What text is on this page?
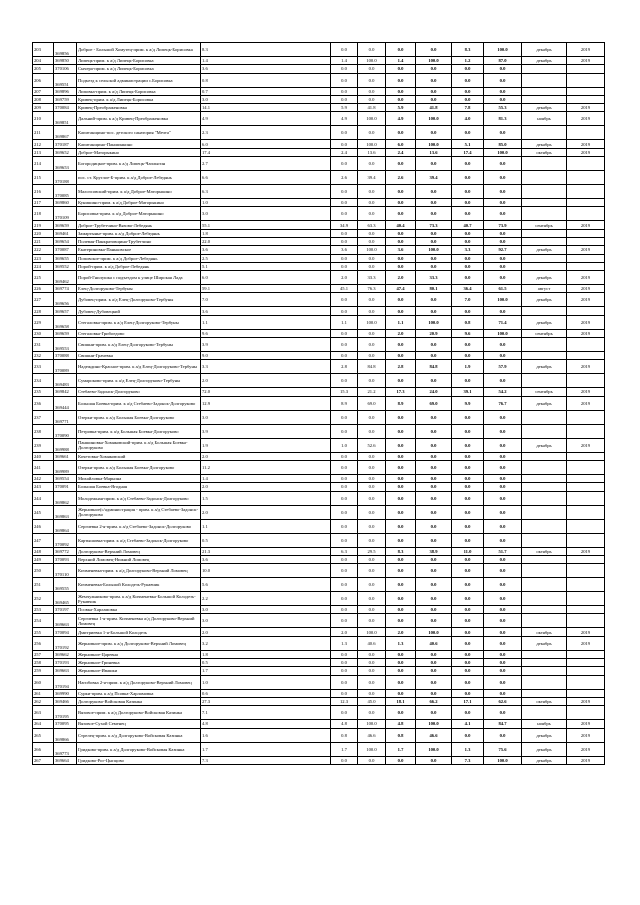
203	369856	Доброе - Большой Хомутец-прим. к а/д Липецк-Борисовка	8.3	0.0	0.0	0.0	0.0	8.3	100.0	декабрь	2019
204	369850	Липецк-прим. к а/д Липецк-Борисовка	1.4	1.4	100.0	1.4	100.0	1.2	87.0	декабрь	2019
205	370106	Сычера-прим. к а/д Липецк-Борисовка	3.6	0.0	0.0	0.0	0.0	0.0	0.0		
206	369551	Подъезд к сельской администрации с.Борисовка	0.8	0.0	0.0	0.0	0.0	0.0	0.0		
207	369896	Липовка-прим. к а/д Липецк-Борисовка	0.7	0.0	0.0	0.0	0.0	0.0	0.0		
208	369759	Кривец-прим. к а/д Липецк-Борисовка	3.0	0.0	0.0	0.0	0.0	0.0	0.0		
209	370084	Кривец-Преображеновка	14.1	5.9	41.8	5.9	41.8	7.8	55.3	декабрь	2019
210	369851	Дальний-прим. к а/д Кривец-Преображеновка	4.9	4.9	100.0	4.9	100.0	4.0	81.3	ноябрь	2019
211	369867	Капитанщино-пос. детского санатория "Мечта"	2.3	0.0	0.0	0.0	0.0	0.0	0.0		
212	370187	Капитанщино-Паншинкино	6.0	0.0	100.0	6.0	100.0	5.1	85.0	декабрь	2019
213	369652	Доброе-Маторыкино	17.4	2.4	13.6	2.4	13.6	17.4	100.0	октябрь	2019
214	369653	Богородицкое-прим. к а/д Липецк-Чаплыгин	2.7	0.0	0.0	0.0	0.0	0.0	0.0		
215	370188	пос. ст. Круглое-Б-прим. к а/д Доброе-Лебедянь	6.6	2.6	39.4	2.6	39.4	0.0	0.0		
216	370085	Малоэсовский-прим. к а/д Доброе-Маторыкино	6.3	0.0	0.0	0.0	0.0	0.0	0.0		
217	369860	Кунишино-прим. к а/д Доброе-Маторыкино	1.0	0.0	0.0	0.0	0.0	0.0	0.0		
218	370109	Борисовка-прим. к а/д Доброе-Маторыкино	3.0	0.0	0.0	0.0	0.0	0.0	0.0		
219	369659	Доброе-Трубетчино-Вязово-Лебедянь	55.1	34.9	63.3	40.4	73.3	40.7	73.9	сентябрь	2019
220	369461	Замартынье-прим. к а/д Доброе-Лебедянь	1.8	0.0	0.0	0.0	0.0	0.0	0.0		
221	369654	Полевая-Панкратовщина-Трубетчино	22.0	0.0	0.0	0.0	0.0	0.0	0.0		
222	370087	Екатериновка-Паньковское	3.6	3.6	100.0	3.6	100.0	3.3	92.7	декабрь	2019
223	369655	Поповское-прим. к а/д Доброе-Лебедянь	2.5	0.0	0.0	0.0	0.0	0.0	0.0		
224	369552	Порой-прим. к а/д Доброе-Лебедянь	5.1	0.0	0.0	0.0	0.0	0.0	0.0		
225	369462	Порой-Гнилушка с подъездом к улице Широкая Лада	6.0	2.0	33.3	2.0	33.3	0.0	0.0	декабрь	2019
226	369774	Елец-Долгоруково-Тербуны	59.1	45.1	76.3	47.4	80.1	36.4	61.5	август	2019
227	369656	Дубовец-прим. к а/д Елец-Долгоруково-Тербуны	7.0	0.0	0.0	0.0	0.0	7.0	100.0	декабрь	2019
228	369657	Дубовец-Дубовецкий	3.6	0.0	0.0	0.0	0.0	0.0	0.0		
229	369658	Стегаловка-прим. к а/д Елец-Долгоруково-Тербуны	1.1	1.1	100.0	1.1	100.0	0.8	71.4	декабрь	2019
230	369659	Стегаловка-Грибоедово	9.6	0.0	0.0	2.0	20.9	9.6	100.0	сентябрь	2019
231	369553	Свишни-прим. к а/д Елец-Долгоруково-Тербуны	3.9	0.0	0.0	0.0	0.0	0.0	0.0		
232	370088	Свишни-Грачевка	9.0	0.0	0.0	0.0	0.0	0.0	0.0		
233	370089	Надеждино-Красное-прим. к а/д Елец-Долгоруково-Тербуны	3.3	2.8	84.8	2.8	84.8	1.9	57.9	декабрь	2019
234	369483	Сумароково-прим. к а/д Елец-Долгоруково-Тербуны	2.0	0.0	0.0	0.0	0.0	0.0	0.0		
235	369842	Стебаево-Задонск-Долгоруково	72.0	15.3	21.2	17.3	24.0	39.1	54.2	сентябрь	2019
236	369444	Большая Боевка-прим. к а/д Стебаево-Задонск-Долгоруково	12.9	8.9	69.0	8.9	69.0	9.9	76.7	декабрь	2019
237	369771	Озерки-прим. к а/д Большая Боевка-Долгоруково	3.0	0.0	0.0	0.0	0.0	0.0	0.0		
238	370090	Петровка-прим. к а/д Большая Боевка-Долгоруково	3.9	0.0	0.0	0.0	0.0	0.0	0.0		
239	369988	Паншиновка-Хомяковский-прим. к а/д Большая Боевка-Долгоруково	1.9	1.0	52.6	0.0	0.0	0.0	0.0	декабрь	2019
240	369661	Кочетовка-Хомяковский	2.0	0.0	0.0	0.0	0.0	0.0	0.0		
241	369989	Озерки-прим. к а/д Большая Боевка-Долгоруково	11.2	0.0	0.0	0.0	0.0	0.0	0.0		
242	369554	Михайловка-Марьина	1.4	0.0	0.0	0.0	0.0	0.0	0.0		
243	370091	Большая Боевка-Ягодная	2.0	0.0	0.0	0.0	0.0	0.0	0.0		
244	369862	Молодежная-прим. к а/д Стебаево-Задонск-Долгоруково	1.5	0.0	0.0	0.0	0.0	0.0	0.0		
245	369863	Жерновное(с/администрация - прим. к а/д Стебаево-Задонск-Долгоруково	2.0	0.0	0.0	0.0	0.0	0.0	0.0		
246	369864	Сергиевка 2-я-прим. к а/д Стебаево-Задонск-Долгоруково	1.1	0.0	0.0	0.0	0.0	0.0	0.0		
247	370092	Картышовка-прим. к а/д Стебаево-Задонск-Долгоруково	0.5	0.0	0.0	0.0	0.0	0.0	0.0		
248	369772	Долгоруково-Верхний Ломовец	21.3	6.3	29.5	8.3	38.9	11.0	51.7	октябрь	2019
249	370093	Верхний Ломовец-Нижний Ломовец	3.6	0.0	0.0	0.0	0.0	0.0	0.0		
250	370110	Кичменевка-прим. к а/д Долгоруково-Верхний Ломовец	10.0	0.0	0.0	0.0	0.0	0.0	0.0		
251	369555	Кичменевка-Большой Колодезь-Рукавчик	5.6	0.0	0.0	0.0	0.0	0.0	0.0		
252	369465	Жемчужниково-прим. к а/д Кичменевка-Большой Колодезь-Рукавчик	2.2	0.0	0.0	0.0	0.0	0.0	0.0		
253	370197	Псовка-Харламовка	3.0	0.0	0.0	0.0	0.0	0.0	0.0		
254	369663	Сергиевка 1-я-прим. Кичменевка а/д Долгоруково-Верхний Ломовец	3.0	0.0	0.0	0.0	0.0	0.0	0.0		
255	370094	Дмитриевка 1-я-Большой Колодезь	2.0	2.0	100.0	2.0	100.0	0.0	0.0	октябрь	2019
256	370192	Жерновное-прим. к а/д Долгоруково-Верхний Ломовец	3.2	1.3	40.6	1.3	40.6	0.0	0.0	декабрь	2019
257	369662	Жерновное-Царевна	1.8	0.0	0.0	0.0	0.0	0.0	0.0		
258	370193	Жерновное-Гриневка	0.5	0.0	0.0	0.0	0.0	0.0	0.0		
259	369663	Жерновное-Ивашки	1.7	0.0	0.0	0.0	0.0	0.0	0.0		
260	370194	Нагибовка 2-я-прим. к а/д Долгоруково-Верхний Ломовец	1.0	0.0	0.0	0.0	0.0	0.0	0.0		
261	369990	Сурки-прим. к а/д Псовка-Харламовка	0.6	0.0	0.0	0.0	0.0	0.0	0.0		
262	369466	Долгоруково-Войсковая Казинка	27.3	12.3	45.0	18.1	66.2	17.1	62.6	октябрь	2019
263	370195	Вязовое-прим. к а/д Долгоруково-Войсковая Казинка	7.1	0.0	0.0	0.0	0.0	0.0	0.0		
264	370095	Вязовое-Сухой Семенец	4.8	4.8	100.0	4.8	100.0	4.1	84.7	ноябрь	2019
265	369866	Стрелец-прим. к а/д Долгоруково-Войсковая Казинка	1.6	0.8	46.6	0.8	46.6	0.0	0.0	декабрь	2019
266	369773	Гридково-прим. к а/д Долгоруково-Войсковая Казинка	1.7	1.7	100.0	1.7	100.0	1.3	75.6	декабрь	2019
267	369664	Гридково-Рог-Цыпцово	7.3	0.0	0.0	0.0	0.0	7.3	100.0	декабрь	2019
